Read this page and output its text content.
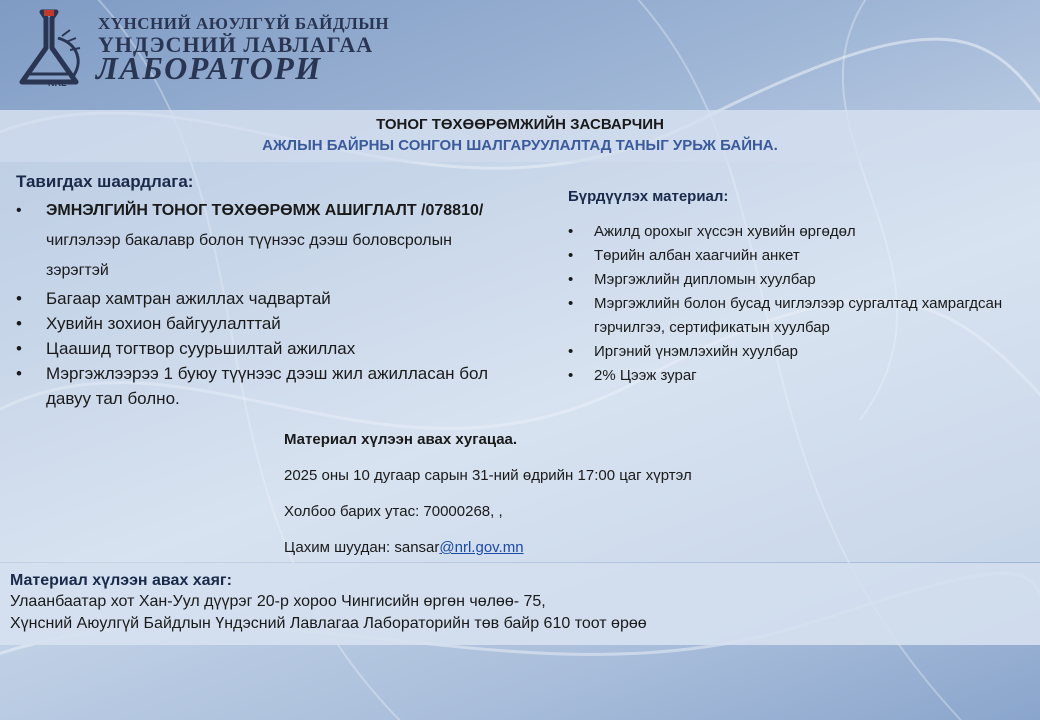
NRL
ХҮНСНИЙ АЮУЛГҮЙ БАЙДЛЫН
ҮНДЭСНИЙ ЛАВЛАГАА
ЛАБОРАТОРИ
ТОНОГ ТӨХӨӨРӨМЖИЙН ЗАСВАРЧИН
АЖЛЫН БАЙРНЫ СОНГОН ШАЛГАРУУЛАЛТАД ТАНЫГ УРЬЖ БАЙНА.
Тавигдах шаардлага:
• ЭМНЭЛГИЙН ТОНОГ ТӨХӨӨРӨМЖ АШИГЛАЛТ /078810/ чиглэлээр бакалавр болон түүнээс дээш боловсролын зэрэгтэй
• Багаар хамтран ажиллах чадвартай
• Хувийн зохион байгуулалттай
• Цаашид тогтвор суурьшилтай ажиллах
• Мэргэжлээрээ 1 буюу түүнээс дээш жил ажилласан бол давуу тал болно.
Бүрдүүлэх материал:
• Ажилд орохыг хүссэн хувийн өргөдөл
• Төрийн албан хаагчийн анкет
• Мэргэжлийн дипломын хуулбар
• Мэргэжлийн болон бусад чиглэлээр сургалтад хамрагдсан гэрчилгээ, сертификатын хуулбар
• Иргэний үнэмлэхийн хуулбар
• 2% Цээж зураг
Материал хүлээн авах хугацаа.
2025 оны 10 дугаар сарын 31-ний өдрийн 17:00 цаг хүртэл
Холбоо барих утас: 70000268, ,
Цахим шуудан: sansar@nrl.gov.mn
Материал хүлээн авах хаяг:
Улаанбаатар хот Хан-Уул дүүрэг 20-р хороо Чингисийн өргөн чөлөө- 75,
Хүнсний Аюулгүй Байдлын Үндэсний Лавлагаа Лабораторийн төв байр 610 тоот өрөө
